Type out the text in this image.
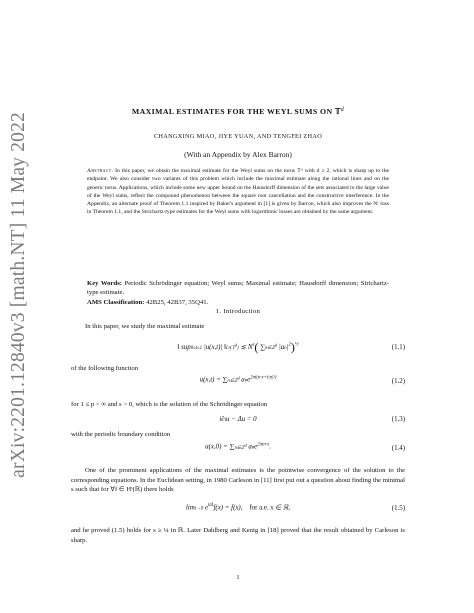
arXiv:2201.12840v3 [math.NT] 11 May 2022
MAXIMAL ESTIMATES FOR THE WEYL SUMS ON 𝕋$^d$
CHANGXING MIAO, JIYE YUAN, AND TENGFEI ZHAO
(With an Appendix by Alex Barron)
Abstract. In this paper, we obtain the maximal estimate for the Weyl sums on the torus 𝕋ᵈ with d ≥ 2, which is sharp up to the endpoint. We also consider two variants of this problem which include the maximal estimate along the rational lines and on the generic torus. Applications, which include some new upper bound on the Hausdorff dimension of the sets associated to the large value of the Weyl sums, reflect the compound phenomenon between the square root cancellation and the constructive interference. In the Appendix, an alternate proof of Theorem 1.1 inspired by Baker's argument in [1] is given by Barron, which also improves the Nᵋ loss in Theorem 1.1, and the Strichartz-type estimates for the Weyl sums with logarithmic losses are obtained by the same argument.
Key Words: Periodic Schrödinger equation; Weyl sums; Maximal estimate; Hausdorff dimension; Strichartz-type estimate.
AMS Classification: 42B25, 42B37, 35Q41.
1. Introduction
In this paper, we study the maximal estimate
‖ sup0≤t≤1 |u(x,t)| ‖Lᵖ(𝕋$^d$) ≲ $N^s$( ∑n∈ℤ$^d$ $|an|^2)^{\frac{1}{2}}$	(1.1)
of the following function
u(x,t) = ∑n∈ℤ$^d$ ane$^{2\pi i(n\cdot x+t|n|^2)}$
(1.2)
for 1 ≤ p < ∞ and s > 0, which is the solution of the Schrödinger equation
i∂tu − Δu = 0	(1.3)
with the periodic boundary condition
u(x,0) = ∑n∈ℤ$^d$ ane$^{2\pi in\cdot x}$.	(1.4)
One of the prominent applications of the maximal estimates is the pointwise convergence of the solution to the corresponding equations. In the Euclidean setting, in 1980 Carleson in [11] first put out a question about finding the minimal s such that for ∀f ∈ Hˢ(ℝ) there holds
limt→0 $e^{it\Delta}f(x) = f(x)$,    for a.e. x ∈ ℝ,	(1.5)
and he proved (1.5) holds for s ≥ ¼ in ℝ. Later Dahlberg and Kenig in [18] proved that the result obtained by Carleson is sharp.
1
